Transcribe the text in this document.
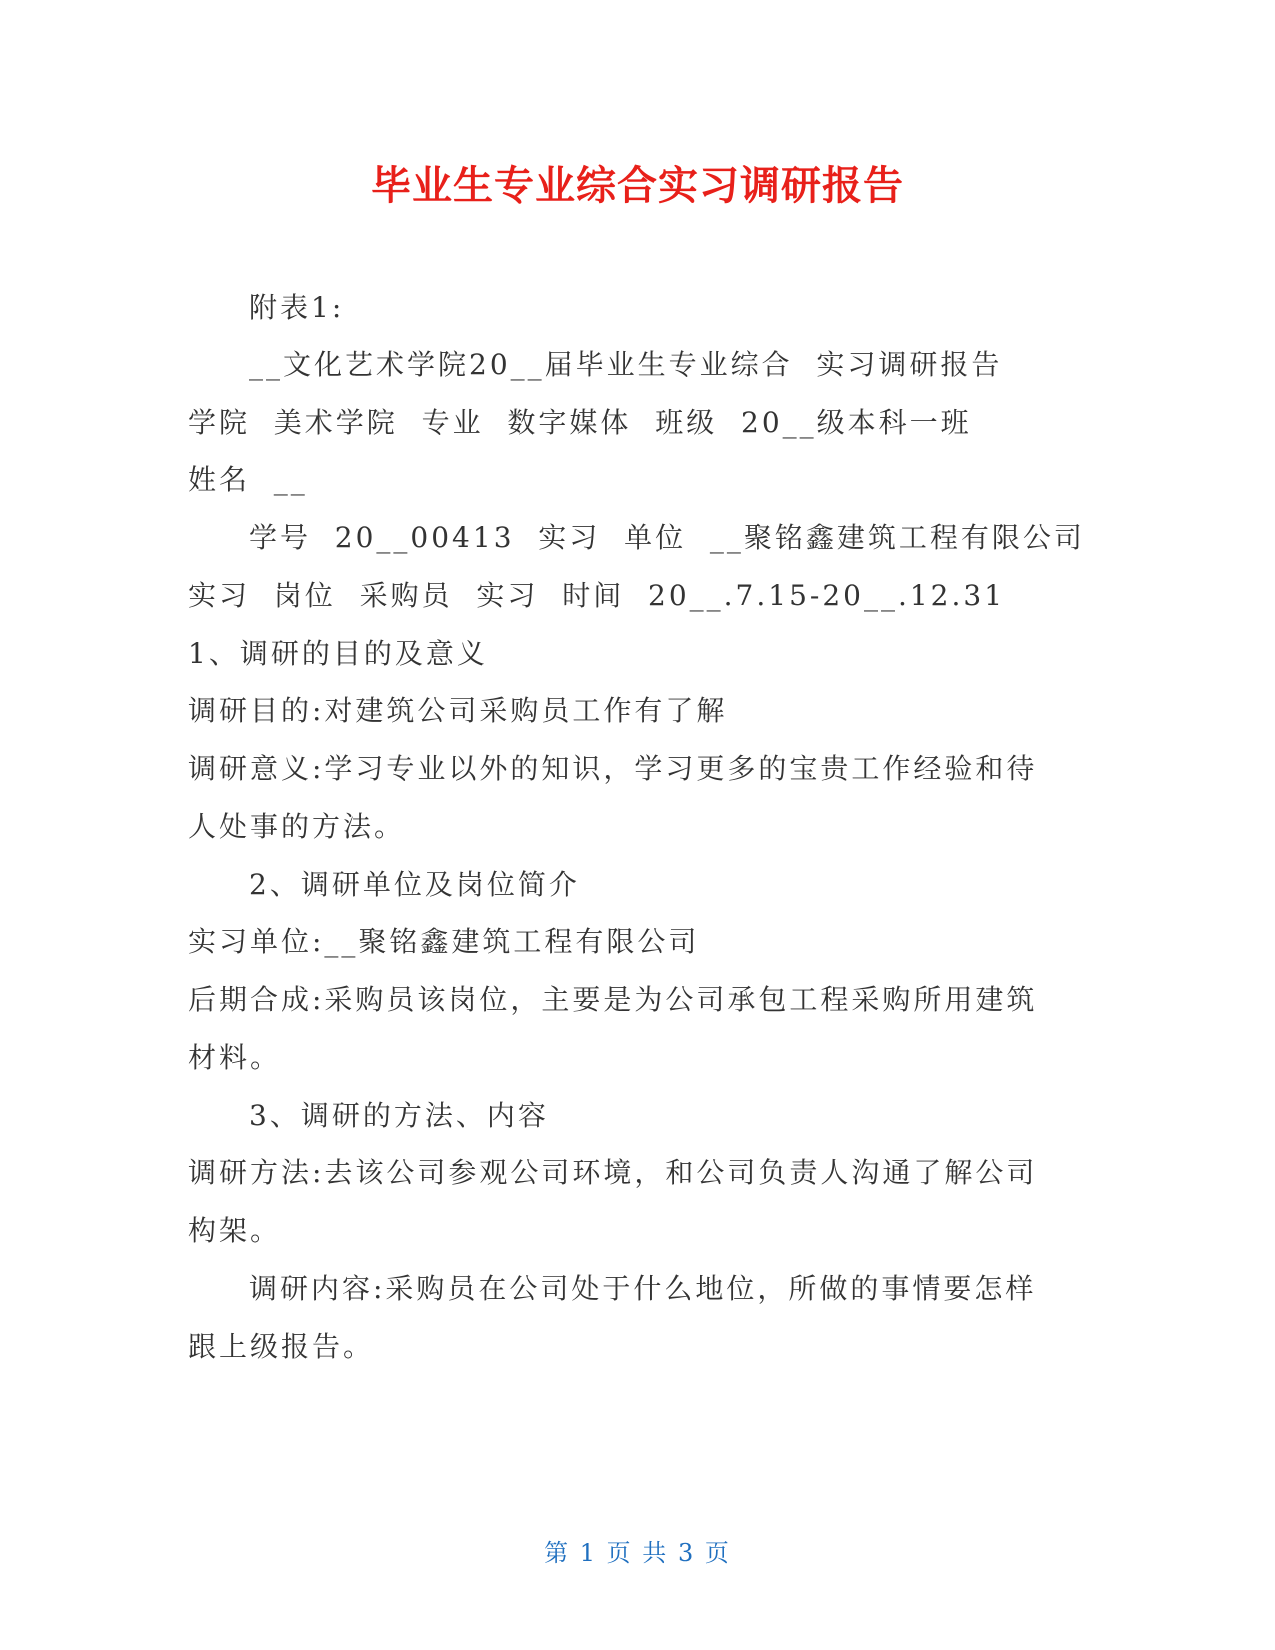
毕业生专业综合实习调研报告
附表1:
__文化艺术学院20__届毕业生专业综合  实习调研报告
学院  美术学院  专业  数字媒体  班级  20__级本科一班
姓名  __
学号  20__00413  实习  单位  __聚铭鑫建筑工程有限公司
实习  岗位  采购员  实习  时间  20__.7.15-20__.12.31
1、调研的目的及意义
调研目的:对建筑公司采购员工作有了解
调研意义:学习专业以外的知识，学习更多的宝贵工作经验和待
人处事的方法。
2、调研单位及岗位简介
实习单位:__聚铭鑫建筑工程有限公司
后期合成:采购员该岗位，主要是为公司承包工程采购所用建筑
材料。
3、调研的方法、内容
调研方法:去该公司参观公司环境，和公司负责人沟通了解公司
构架。
调研内容:采购员在公司处于什么地位，所做的事情要怎样
跟上级报告。
第 1 页 共 3 页
